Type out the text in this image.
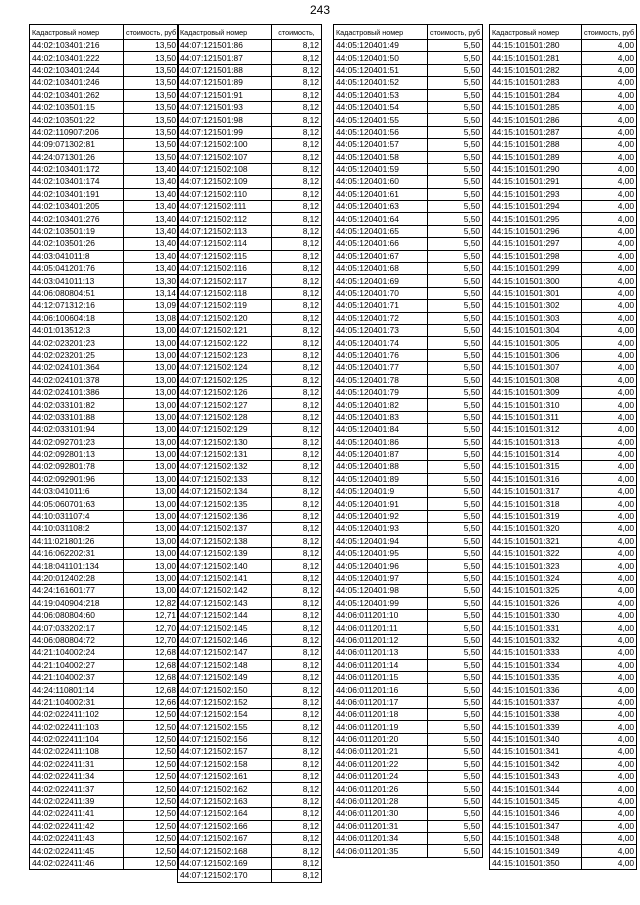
243
Кадастровый номер	стоимость, руб
44:02:103401:216	13,50
44:02:103401:222	13,50
44:02:103401:244	13,50
44:02:103401:246	13,50
44:02:103401:262	13,50
44:02:103501:15	13,50
44:02:103501:22	13,50
44:02:110907:206	13,50
44:09:071302:81	13,50
44:24:071301:26	13,50
44:02:103401:172	13,40
44:02:103401:174	13,40
44:02:103401:191	13,40
44:02:103401:205	13,40
44:02:103401:276	13,40
44:02:103501:19	13,40
44:02:103501:26	13,40
44:03:041011:8	13,40
44:05:041201:76	13,40
44:03:041011:13	13,30
44:06:080804:51	13,14
44:12:071312:16	13,09
44:06:100604:18	13,08
44:01:013512:3	13,00
44:02:023201:23	13,00
44:02:023201:25	13,00
44:02:024101:364	13,00
44:02:024101:378	13,00
44:02:024101:386	13,00
44:02:033101:82	13,00
44:02:033101:88	13,00
44:02:033101:94	13,00
44:02:092701:23	13,00
44:02:092801:13	13,00
44:02:092801:78	13,00
44:02:092901:96	13,00
44:03:041011:6	13,00
44:05:060701:63	13,00
44:10:031107:4	13,00
44:10:031108:2	13,00
44:11:021801:26	13,00
44:16:062202:31	13,00
44:18:041101:134	13,00
44:20:012402:28	13,00
44:24:161601:77	13,00
44:19:040904:218	12,82
44:06:080804:60	12,71
44:07:033202:17	12,70
44:06:080804:72	12,70
44:21:104002:24	12,68
44:21:104002:27	12,68
44:21:104002:37	12,68
44:24:110801:14	12,68
44:21:104002:31	12,66
44:02:022411:102	12,50
44:02:022411:103	12,50
44:02:022411:104	12,50
44:02:022411:108	12,50
44:02:022411:31	12,50
44:02:022411:34	12,50
44:02:022411:37	12,50
44:02:022411:39	12,50
44:02:022411:41	12,50
44:02:022411:42	12,50
44:02:022411:43	12,50
44:02:022411:45	12,50
44:02:022411:46	12,50
Кадастровый номер	стоимость,
44:07:121501:86	8,12
44:07:121501:87	8,12
44:07:121501:88	8,12
44:07:121501:89	8,12
44:07:121501:91	8,12
44:07:121501:93	8,12
44:07:121501:98	8,12
44:07:121501:99	8,12
44:07:121502:100	8,12
44:07:121502:107	8,12
44:07:121502:108	8,12
44:07:121502:109	8,12
44:07:121502:110	8,12
44:07:121502:111	8,12
44:07:121502:112	8,12
44:07:121502:113	8,12
44:07:121502:114	8,12
44:07:121502:115	8,12
44:07:121502:116	8,12
44:07:121502:117	8,12
44:07:121502:118	8,12
44:07:121502:119	8,12
44:07:121502:120	8,12
44:07:121502:121	8,12
44:07:121502:122	8,12
44:07:121502:123	8,12
44:07:121502:124	8,12
44:07:121502:125	8,12
44:07:121502:126	8,12
44:07:121502:127	8,12
44:07:121502:128	8,12
44:07:121502:129	8,12
44:07:121502:130	8,12
44:07:121502:131	8,12
44:07:121502:132	8,12
44:07:121502:133	8,12
44:07:121502:134	8,12
44:07:121502:135	8,12
44:07:121502:136	8,12
44:07:121502:137	8,12
44:07:121502:138	8,12
44:07:121502:139	8,12
44:07:121502:140	8,12
44:07:121502:141	8,12
44:07:121502:142	8,12
44:07:121502:143	8,12
44:07:121502:144	8,12
44:07:121502:145	8,12
44:07:121502:146	8,12
44:07:121502:147	8,12
44:07:121502:148	8,12
44:07:121502:149	8,12
44:07:121502:150	8,12
44:07:121502:152	8,12
44:07:121502:154	8,12
44:07:121502:155	8,12
44:07:121502:156	8,12
44:07:121502:157	8,12
44:07:121502:158	8,12
44:07:121502:161	8,12
44:07:121502:162	8,12
44:07:121502:163	8,12
44:07:121502:164	8,12
44:07:121502:166	8,12
44:07:121502:167	8,12
44:07:121502:168	8,12
44:07:121502:169	8,12
44:07:121502:170	8,12
Кадастровый номер	стоимость, руб
44:05:120401:49	5,50
44:05:120401:50	5,50
44:05:120401:51	5,50
44:05:120401:52	5,50
44:05:120401:53	5,50
44:05:120401:54	5,50
44:05:120401:55	5,50
44:05:120401:56	5,50
44:05:120401:57	5,50
44:05:120401:58	5,50
44:05:120401:59	5,50
44:05:120401:60	5,50
44:05:120401:61	5,50
44:05:120401:63	5,50
44:05:120401:64	5,50
44:05:120401:65	5,50
44:05:120401:66	5,50
44:05:120401:67	5,50
44:05:120401:68	5,50
44:05:120401:69	5,50
44:05:120401:70	5,50
44:05:120401:71	5,50
44:05:120401:72	5,50
44:05:120401:73	5,50
44:05:120401:74	5,50
44:05:120401:76	5,50
44:05:120401:77	5,50
44:05:120401:78	5,50
44:05:120401:79	5,50
44:05:120401:82	5,50
44:05:120401:83	5,50
44:05:120401:84	5,50
44:05:120401:86	5,50
44:05:120401:87	5,50
44:05:120401:88	5,50
44:05:120401:89	5,50
44:05:120401:9	5,50
44:05:120401:91	5,50
44:05:120401:92	5,50
44:05:120401:93	5,50
44:05:120401:94	5,50
44:05:120401:95	5,50
44:05:120401:96	5,50
44:05:120401:97	5,50
44:05:120401:98	5,50
44:05:120401:99	5,50
44:06:011201:10	5,50
44:06:011201:11	5,50
44:06:011201:12	5,50
44:06:011201:13	5,50
44:06:011201:14	5,50
44:06:011201:15	5,50
44:06:011201:16	5,50
44:06:011201:17	5,50
44:06:011201:18	5,50
44:06:011201:19	5,50
44:06:011201:20	5,50
44:06:011201:21	5,50
44:06:011201:22	5,50
44:06:011201:24	5,50
44:06:011201:26	5,50
44:06:011201:28	5,50
44:06:011201:30	5,50
44:06:011201:31	5,50
44:06:011201:34	5,50
44:06:011201:35	5,50
Кадастровый номер	стоимость, руб
44:15:101501:280	4,00
44:15:101501:281	4,00
44:15:101501:282	4,00
44:15:101501:283	4,00
44:15:101501:284	4,00
44:15:101501:285	4,00
44:15:101501:286	4,00
44:15:101501:287	4,00
44:15:101501:288	4,00
44:15:101501:289	4,00
44:15:101501:290	4,00
44:15:101501:291	4,00
44:15:101501:293	4,00
44:15:101501:294	4,00
44:15:101501:295	4,00
44:15:101501:296	4,00
44:15:101501:297	4,00
44:15:101501:298	4,00
44:15:101501:299	4,00
44:15:101501:300	4,00
44:15:101501:301	4,00
44:15:101501:302	4,00
44:15:101501:303	4,00
44:15:101501:304	4,00
44:15:101501:305	4,00
44:15:101501:306	4,00
44:15:101501:307	4,00
44:15:101501:308	4,00
44:15:101501:309	4,00
44:15:101501:310	4,00
44:15:101501:311	4,00
44:15:101501:312	4,00
44:15:101501:313	4,00
44:15:101501:314	4,00
44:15:101501:315	4,00
44:15:101501:316	4,00
44:15:101501:317	4,00
44:15:101501:318	4,00
44:15:101501:319	4,00
44:15:101501:320	4,00
44:15:101501:321	4,00
44:15:101501:322	4,00
44:15:101501:323	4,00
44:15:101501:324	4,00
44:15:101501:325	4,00
44:15:101501:326	4,00
44:15:101501:330	4,00
44:15:101501:331	4,00
44:15:101501:332	4,00
44:15:101501:333	4,00
44:15:101501:334	4,00
44:15:101501:335	4,00
44:15:101501:336	4,00
44:15:101501:337	4,00
44:15:101501:338	4,00
44:15:101501:339	4,00
44:15:101501:340	4,00
44:15:101501:341	4,00
44:15:101501:342	4,00
44:15:101501:343	4,00
44:15:101501:344	4,00
44:15:101501:345	4,00
44:15:101501:346	4,00
44:15:101501:347	4,00
44:15:101501:348	4,00
44:15:101501:349	4,00
44:15:101501:350	4,00
